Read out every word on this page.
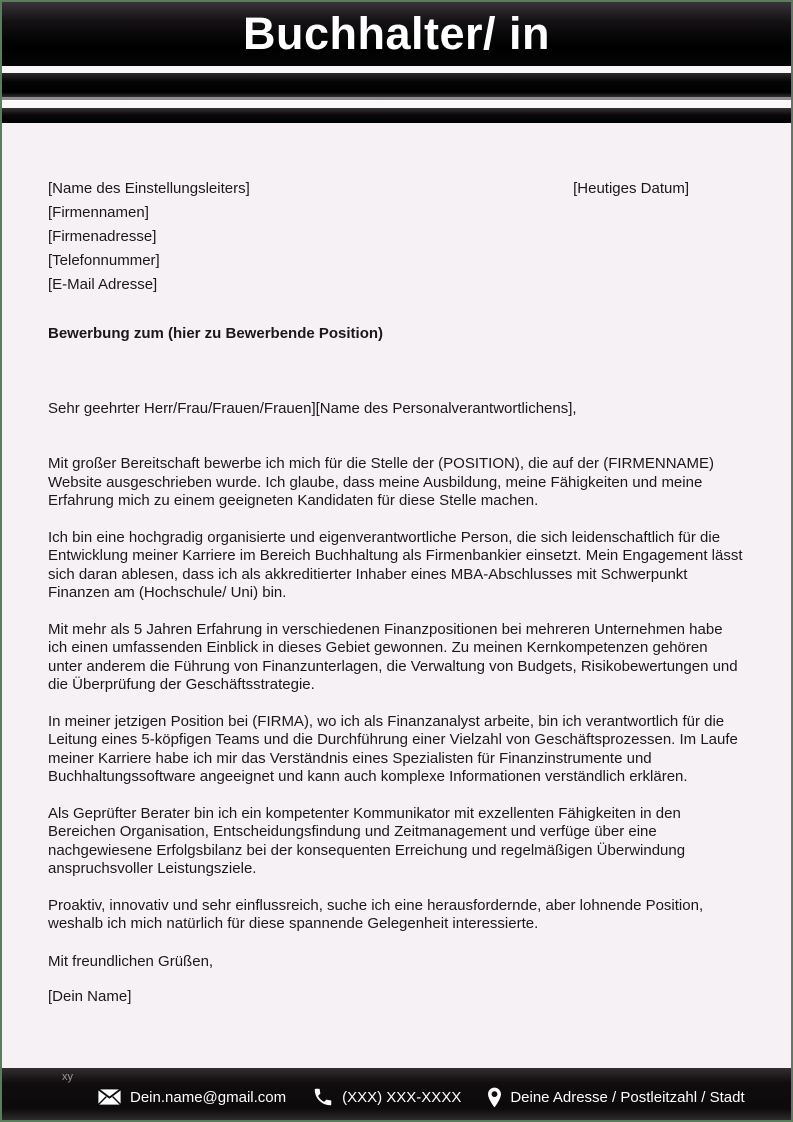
Buchhalter/ in
[Name des Einstellungsleiters]	[Heutiges Datum]
[Firmennamen]
[Firmenadresse]
[Telefonnummer]
[E-Mail Adresse]
Bewerbung zum (hier zu Bewerbende Position)
Sehr geehrter Herr/Frau/Frauen/Frauen][Name des Personalverantwortlichens],

Mit großer Bereitschaft bewerbe ich mich für die Stelle der (POSITION), die auf der (FIRMENNAME) Website ausgeschrieben wurde. Ich glaube, dass meine Ausbildung, meine Fähigkeiten und meine Erfahrung mich zu einem geeigneten Kandidaten für diese Stelle machen.

Ich bin eine hochgradig organisierte und eigenverantwortliche Person, die sich leidenschaftlich für die Entwicklung meiner Karriere im Bereich Buchhaltung als Firmenbankier einsetzt. Mein Engagement lässt sich daran ablesen, dass ich als akkreditierter Inhaber eines MBA-Abschlusses mit Schwerpunkt Finanzen am (Hochschule/ Uni) bin.

Mit mehr als 5 Jahren Erfahrung in verschiedenen Finanzpositionen bei mehreren Unternehmen habe ich einen umfassenden Einblick in dieses Gebiet gewonnen. Zu meinen Kernkompetenzen gehören unter anderem die Führung von Finanzunterlagen, die Verwaltung von Budgets, Risikobewertungen und die Überprüfung der Geschäftsstrategie.

In meiner jetzigen Position bei (FIRMA), wo ich als Finanzanalyst arbeite, bin ich verantwortlich für die Leitung eines 5-köpfigen Teams und die Durchführung einer Vielzahl von Geschäftsprozessen. Im Laufe meiner Karriere habe ich mir das Verständnis eines Spezialisten für Finanzinstrumente und Buchhaltungssoftware angeeignet und kann auch komplexe Informationen verständlich erklären.

Als Geprüfter Berater bin ich ein kompetenter Kommunikator mit exzellenten Fähigkeiten in den Bereichen Organisation, Entscheidungsfindung und Zeitmanagement und verfüge über eine nachgewiesene Erfolgsbilanz bei der konsequenten Erreichung und regelmäßigen Überwindung anspruchsvoller Leistungsziele.

Proaktiv, innovativ und sehr einflussreich, suche ich eine herausfordernde, aber lohnende Position, weshalb ich mich natürlich für diese spannende Gelegenheit interessierte.

Mit freundlichen Grüßen,
[Dein Name]
xy
Dein.name@gmail.com	(XXX) XXX-XXXX	Deine Adresse / Postleitzahl / Stadt
